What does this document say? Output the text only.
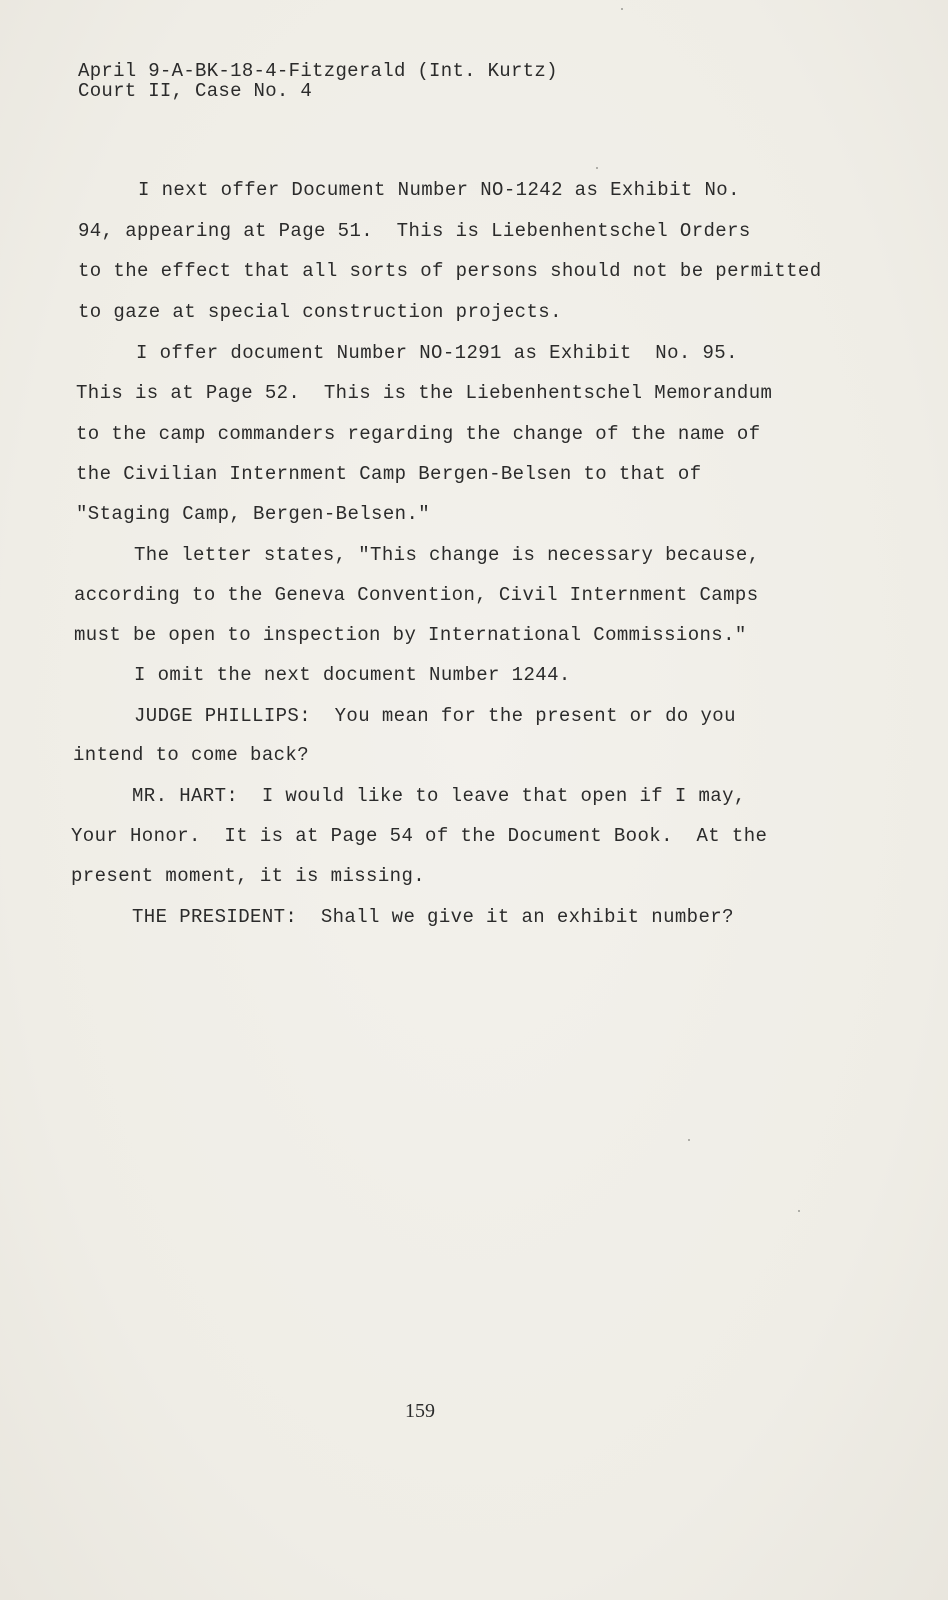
April 9-A-BK-18-4-Fitzgerald (Int. Kurtz)
Court II, Case No. 4
I next offer Document Number NO-1242 as Exhibit No.
94, appearing at Page 51.  This is Liebenhentschel Orders
to the effect that all sorts of persons should not be permitted
to gaze at special construction projects.
I offer document Number NO-1291 as Exhibit  No. 95.
This is at Page 52.  This is the Liebenhentschel Memorandum
to the camp commanders regarding the change of the name of
the Civilian Internment Camp Bergen-Belsen to that of
"Staging Camp, Bergen-Belsen."
The letter states, "This change is necessary because,
according to the Geneva Convention, Civil Internment Camps
must be open to inspection by International Commissions."
I omit the next document Number 1244.
JUDGE PHILLIPS:  You mean for the present or do you
intend to come back?
MR. HART:  I would like to leave that open if I may,
Your Honor.  It is at Page 54 of the Document Book.  At the
present moment, it is missing.
THE PRESIDENT:  Shall we give it an exhibit number?
159
